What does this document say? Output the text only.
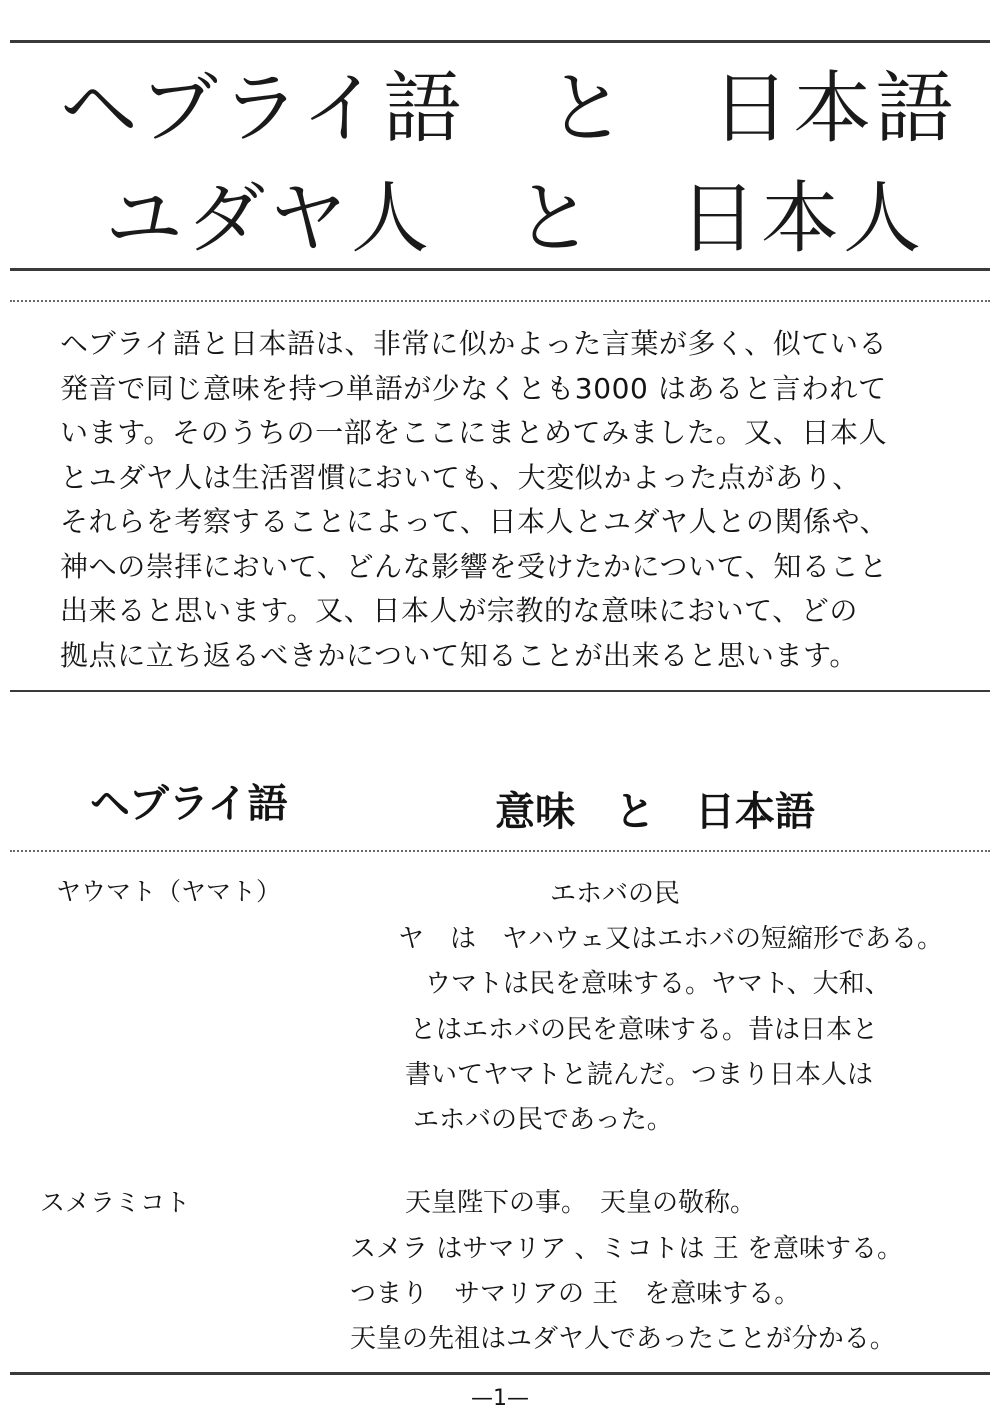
ヘブライ語　と　日本語
ユダヤ人　と　日本人
ヘブライ語と日本語は、非常に似かよった言葉が多く、似ている
発音で同じ意味を持つ単語が少なくとも3000 はあると言われて
います。そのうちの一部をここにまとめてみました。又、日本人
とユダヤ人は生活習慣においても、大変似かよった点があり、
それらを考察することによって、日本人とユダヤ人との関係や、
神への崇拝において、どんな影響を受けたかについて、知ること
出来ると思います。又、日本人が宗教的な意味において、どの
拠点に立ち返るべきかについて知ることが出来ると思います。
ヘブライ語	意味　と　日本語
ヤウマト（ヤマト）	エホバの民
ヤ　は　ヤハウェ又はエホバの短縮形である。
ウマトは民を意味する。ヤマト、大和、
とはエホバの民を意味する。昔は日本と
書いてヤマトと読んだ。つまり日本人は
エホバの民であった。
スメラミコト	天皇陛下の事。　天皇の敬称。
スメラ はサマリア 、ミコトは 王 を意味する。
つまり　サマリアの 王　を意味する。
天皇の先祖はユダヤ人であったことが分かる。
—1—
